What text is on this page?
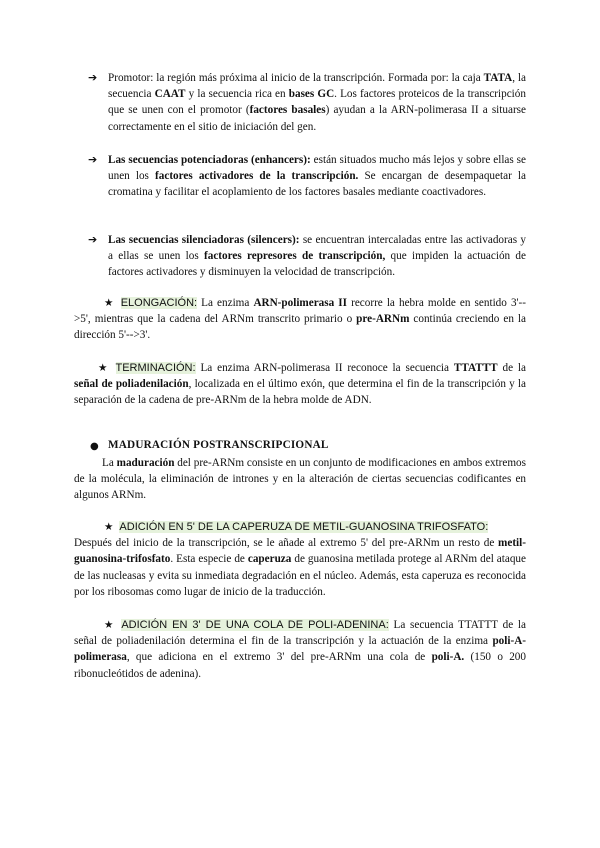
➔ Promotor: la región más próxima al inicio de la transcripción. Formada por: la caja TATA, la secuencia CAAT y la secuencia rica en bases GC. Los factores proteicos de la transcripción que se unen con el promotor (factores basales) ayudan a la ARN-polimerasa II a situarse correctamente en el sitio de iniciación del gen.
➔ Las secuencias potenciadoras (enhancers): están situados mucho más lejos y sobre ellas se unen los factores activadores de la transcripción. Se encargan de desempaquetar la cromatina y facilitar el acoplamiento de los factores basales mediante coactivadores.
➔ Las secuencias silenciadoras (silencers): se encuentran intercaladas entre las activadoras y a ellas se unen los factores represores de transcripción, que impiden la actuación de factores activadores y disminuyen la velocidad de transcripción.
★ ELONGACIÓN: La enzima ARN-polimerasa II recorre la hebra molde en sentido 3'-->5', mientras que la cadena del ARNm transcrito primario o pre-ARNm continúa creciendo en la dirección 5'-->3'.
★ TERMINACIÓN: La enzima ARN-polimerasa II reconoce la secuencia TTATTT de la señal de poliadenilación, localizada en el último exón, que determina el fin de la transcripción y la separación de la cadena de pre-ARNm de la hebra molde de ADN.
● MADURACIÓN POSTRANSCRIPCIONAL
La maduración del pre-ARNm consiste en un conjunto de modificaciones en ambos extremos de la molécula, la eliminación de intrones y en la alteración de ciertas secuencias codificantes en algunos ARNm.
★ ADICIÓN EN 5' DE LA CAPERUZA DE METIL-GUANOSINA TRIFOSFATO:
Después del inicio de la transcripción, se le añade al extremo 5' del pre-ARNm un resto de metil-guanosina-trifosfato. Esta especie de caperuza de guanosina metilada protege al ARNm del ataque de las nucleasas y evita su inmediata degradación en el núcleo. Además, esta caperuza es reconocida por los ribosomas como lugar de inicio de la traducción.
★ ADICIÓN EN 3' DE UNA COLA DE POLI-ADENINA: La secuencia TTATTT de la señal de poliadenilación determina el fin de la transcripción y la actuación de la enzima poli-A-polimerasa, que adiciona en el extremo 3' del pre-ARNm una cola de poli-A. (150 o 200 ribonucleótidos de adenina).
